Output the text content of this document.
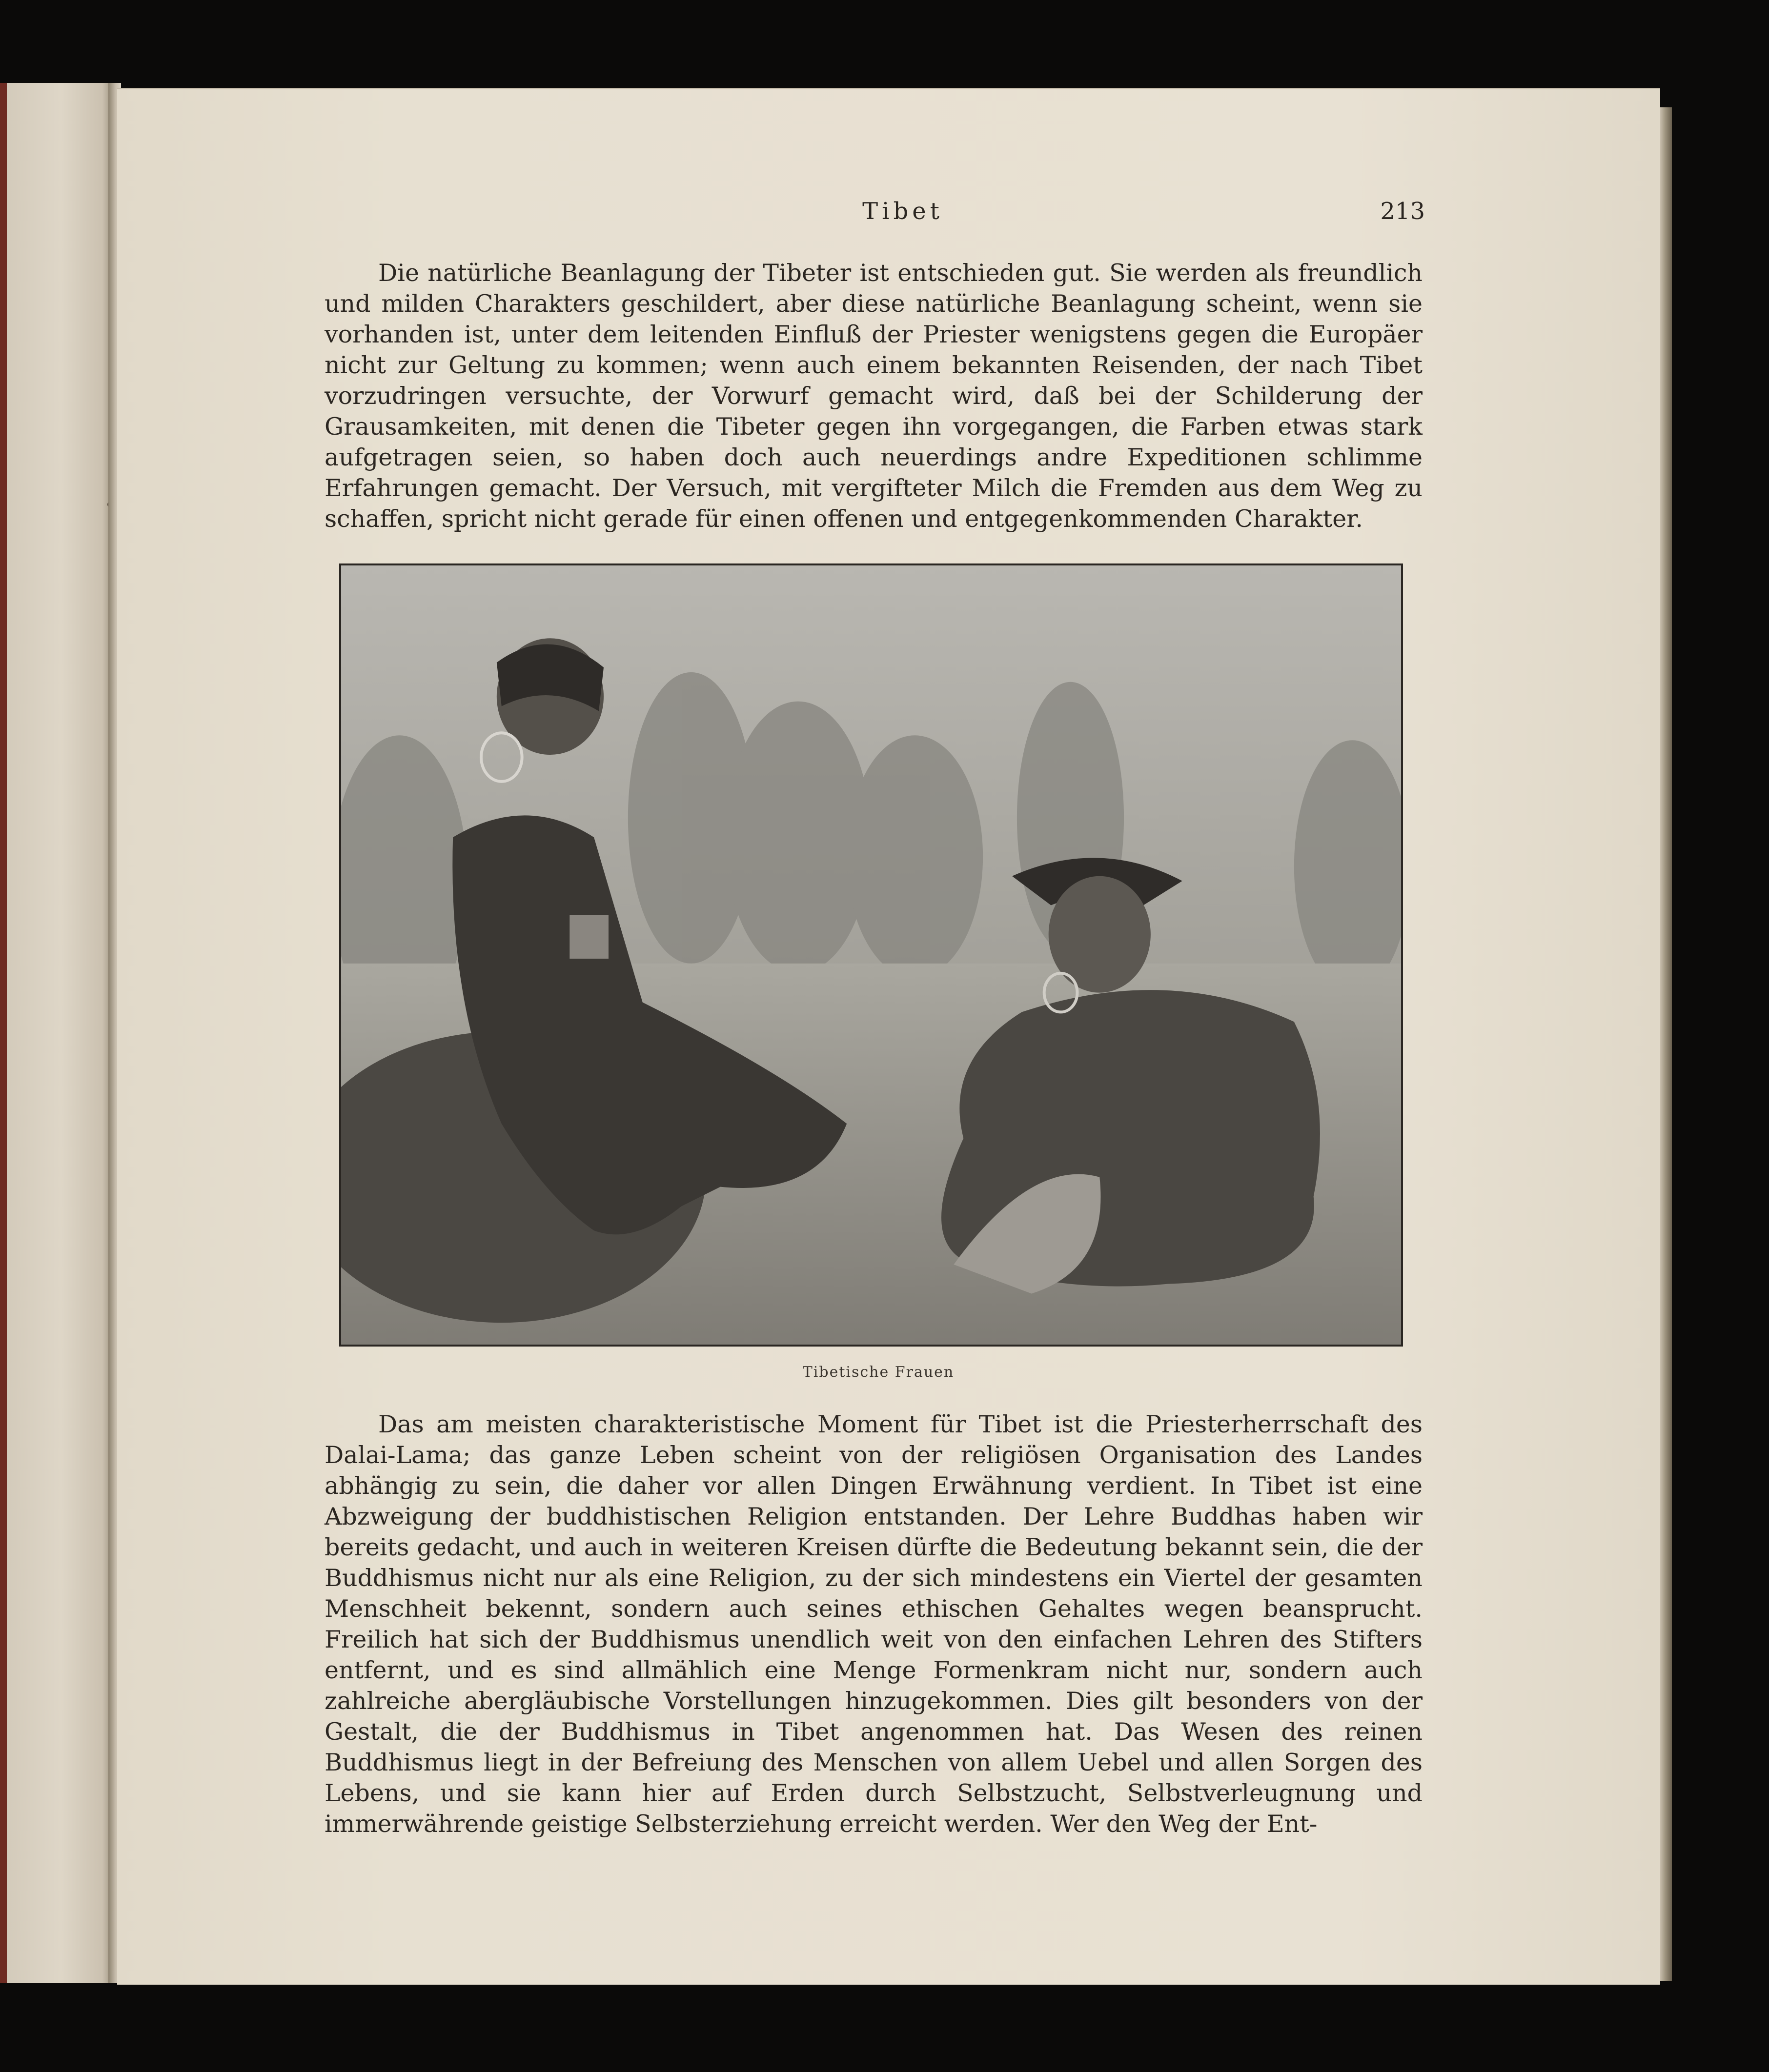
Tibet	213

Die natürliche Beanlagung der Tibeter ist entschieden gut. Sie werden als freundlich und milden Charakters geschildert, aber diese natürliche Beanlagung scheint, wenn sie vorhanden ist, unter dem leitenden Einfluß der Priester wenigstens gegen die Europäer nicht zur Geltung zu kommen; wenn auch einem bekannten Reisenden, der nach Tibet vorzudringen versuchte, der Vorwurf gemacht wird, daß bei der Schilderung der Grausamkeiten, mit denen die Tibeter gegen ihn vorgegangen, die Farben etwas stark aufgetragen seien, so haben doch auch neuerdings andre Expeditionen schlimme Erfahrungen gemacht. Der Versuch, mit vergifteter Milch die Fremden aus dem Weg zu schaffen, spricht nicht gerade für einen offenen und entgegenkommenden Charakter.

Tibetische Frauen

Das am meisten charakteristische Moment für Tibet ist die Priesterherrschaft des Dalai-Lama; das ganze Leben scheint von der religiösen Organisation des Landes abhängig zu sein, die daher vor allen Dingen Erwähnung verdient. In Tibet ist eine Abzweigung der buddhistischen Religion entstanden. Der Lehre Buddhas haben wir bereits gedacht, und auch in weiteren Kreisen dürfte die Bedeutung bekannt sein, die der Buddhismus nicht nur als eine Religion, zu der sich mindestens ein Viertel der gesamten Menschheit bekennt, sondern auch seines ethischen Gehaltes wegen beansprucht. Freilich hat sich der Buddhismus unendlich weit von den einfachen Lehren des Stifters entfernt, und es sind allmählich eine Menge Formenkram nicht nur, sondern auch zahlreiche abergläubische Vorstellungen hinzugekommen. Dies gilt besonders von der Gestalt, die der Buddhismus in Tibet angenommen hat. Das Wesen des reinen Buddhismus liegt in der Befreiung des Menschen von allem Uebel und allen Sorgen des Lebens, und sie kann hier auf Erden durch Selbstzucht, Selbstverleugnung und immerwährende geistige Selbsterziehung erreicht werden. Wer den Weg der Ent-
